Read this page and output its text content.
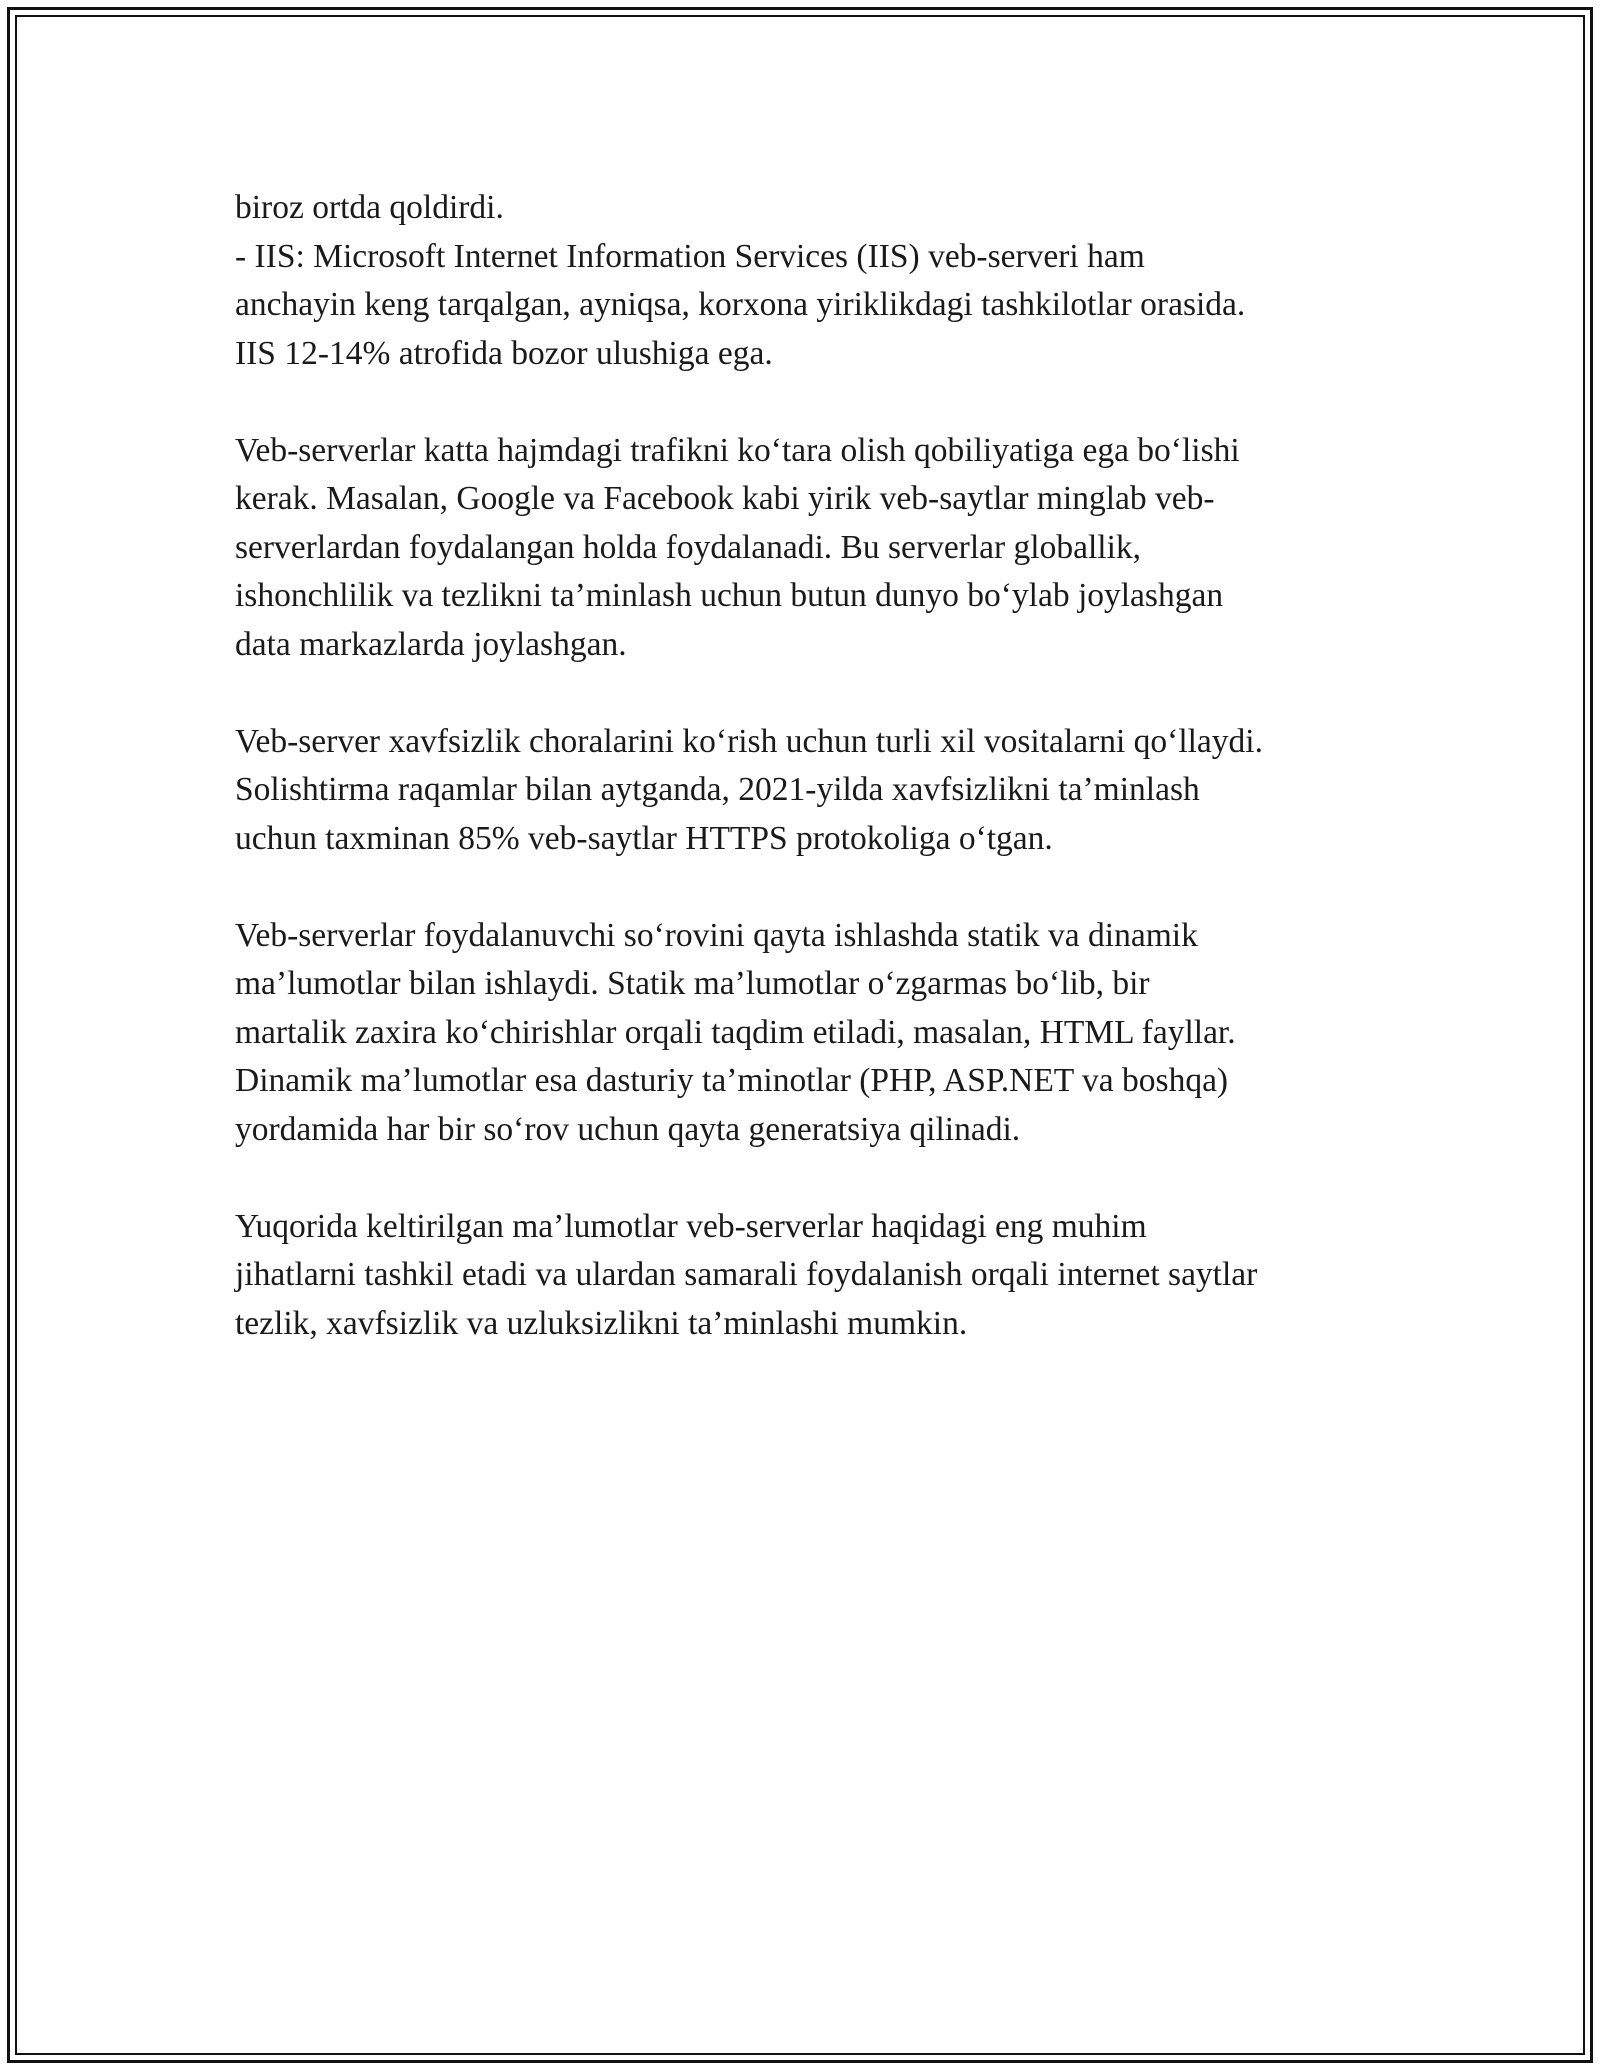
biroz ortda qoldirdi.
- IIS: Microsoft Internet Information Services (IIS) veb-serveri ham
anchayin keng tarqalgan, ayniqsa, korxona yiriklikdagi tashkilotlar orasida.
IIS 12-14% atrofida bozor ulushiga ega.
Veb-serverlar katta hajmdagi trafikni ko‘tara olish qobiliyatiga ega bo‘lishi
kerak. Masalan, Google va Facebook kabi yirik veb-saytlar minglab veb-
serverlardan foydalangan holda foydalanadi. Bu serverlar globallik,
ishonchlilik va tezlikni ta’minlash uchun butun dunyo bo‘ylab joylashgan
data markazlarda joylashgan.
Veb-server xavfsizlik choralarini ko‘rish uchun turli xil vositalarni qo‘llaydi.
Solishtirma raqamlar bilan aytganda, 2021-yilda xavfsizlikni ta’minlash
uchun taxminan 85% veb-saytlar HTTPS protokoliga o‘tgan.
Veb-serverlar foydalanuvchi so‘rovini qayta ishlashda statik va dinamik
ma’lumotlar bilan ishlaydi. Statik ma’lumotlar o‘zgarmas bo‘lib, bir
martalik zaxira ko‘chirishlar orqali taqdim etiladi, masalan, HTML fayllar.
Dinamik ma’lumotlar esa dasturiy ta’minotlar (PHP, ASP.NET va boshqa)
yordamida har bir so‘rov uchun qayta generatsiya qilinadi.
Yuqorida keltirilgan ma’lumotlar veb-serverlar haqidagi eng muhim
jihatlarni tashkil etadi va ulardan samarali foydalanish orqali internet saytlar
tezlik, xavfsizlik va uzluksizlikni ta’minlashi mumkin.
